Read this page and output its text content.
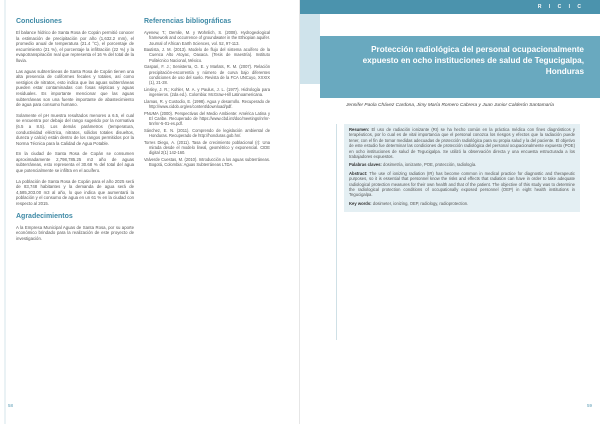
Conclusiones

El balance hídrico de Santa Rosa de Copán permitió conocer la estimación de precipitación por año (1,632.2 mm), el promedio anual de temperatura (21.4 °C), el porcentaje de escurrimiento (21 %), el porcentaje la infiltración (22 %) y la evapotranspiración real que representa el 16 % del total de la lluvia.

Las aguas subterráneas de Santa Rosa de Copán tienen una alta presencia de coliformes fecales y totales, así como vestigios de nitratos, esto indica que las aguas subterráneas pueden estar contaminadas con fosas sépticas y aguas residuales. Es importante mencionar que las aguas subterráneas son una fuente importante de abastecimiento de agua para consumo humano.

Solamente el pH muestra resultados menores a 6.5, el cual se encuentra por debajo del rango sugerido por la normativa (6.5 a 8.5). Los demás parámetros (temperatura, conductividad eléctrica, nitratos, sólidos totales disueltos, dureza y calcio) están dentro de los rangos permitidos por la Norma Técnica para la Calidad de Agua Potable.

En la ciudad de Santa Rosa de Copán se consumen aproximadamente 2,798,785.25 m3 año de aguas subterráneas, esto representa el 30.68 % del total del agua que potencialmente se infiltra en el acuífero.

La población de Santa Rosa de Copán para el año 2025 será de 83,748 habitantes y la demanda de agua será de 4,585,203.00 m3 al año, lo que indica que aumentará la población y el consumo de agua en un 61 % en la ciudad con respecto al 2015.

Agradecimientos

A la Empresa Municipal Aguas de Santa Rosa, por su aporte económico brindado para la realización de este proyecto de investigación.

Referencias bibliográficas
Ayenew, T.; Demlie, M. y Wohnlich, S. (2008). Hydrogeological framework and occurrence of groundwater in the Ethiopian aquifer. Journal of African Earth Sciences, vol. 52, 97-113.
Bautista, J. M. (2013). Modelo de flujo del sistema acuífero de la Cuenca Alto Atoyac, Oaxaca. (Tesis de maestría). Instituto Politécnico Nacional, México.
Gaspari, F. J.; Senisterra, G. E. y Marlats, R. M. (2007). Relación precipitación-escorrentía y número de curva bajo diferentes condiciones de uso del suelo. Revista de la FCA UNCuyo, XXXIX (1), 21-28.
Linsley, J. R.; Kohler, M. A. y Paulus, J. L. (1977). Hidrología para ingenieros. (2da ed.). Colombia: McGraw-Hill Latinoamericana.
Llamas, R. y Custodio, E. (1998). Agua y desarrollo. Recuperado de http://www.cidob.org/es/content/download/pdf.
PNUMA (2000). Perspectivas del Medio Ambiente: América Latina y El Caribe. Recuperado de https://www.cbd.int/doc/meetings/nr/nr-5nr/nr-5-01-es.pdf.
Sánchez, E. N. (2011). Comprendo de legislación ambiental de Honduras. Recuperado de http://honduras.gob.hn/.
Torres Diego, A. (2011). Tasa de crecimiento poblacional (r): Una mirada desde el modelo lineal, geométrico y exponencial. CIDE digital 2(1) 142-160.
Valverde Cuestas, M. (2010). Introducción a los aguas subterráneas. Bogotá, Colombia: Aguas Subterráneas LTDA.
58
R I C I C
Protección radiológica del personal ocupacionalmente expuesto en ocho instituciones de salud de Tegucigalpa, Honduras
Jennifer Paola Chávez Cardona, Jimy María Romero Cabrera y Juan Junior Calderón Santamaría

Resumen: El uso de radiación ionizante (RI) se ha hecho común en la práctica médica con fines diagnósticos y terapéuticos, por lo cual es de vital importancia que el personal conozca los riesgos y efectos que la radiación puede tener, con el fin de tomar medidas adecuadas de protección radiológica para su propia salud y la del paciente. El objetivo de este estudio fue determinar las condiciones de protección radiológica del personal ocupacionalmente expuesto (POE) en ocho instituciones de salud de Tegucigalpa. Se utilizó la observación directa y una encuesta estructurada a los trabajadores expuestos.

Palabras claves: dosimetría, ionizante, POE, protección, radiología.

Abstract: The use of ionizing radiation (IR) has become common in medical practice for diagnostic and therapeutic purposes, so it is essential that personnel know the risks and effects that radiation can have in order to take adequate radiological protection measures for their own health and that of the patient. The objective of this study was to determine the radiological protection conditions of occupationally exposed personnel (OEP) in eight health institutions in Tegucigalpa.

Key words: dosimeter, ionizing, OEP, radiology, radioprotection.

59
